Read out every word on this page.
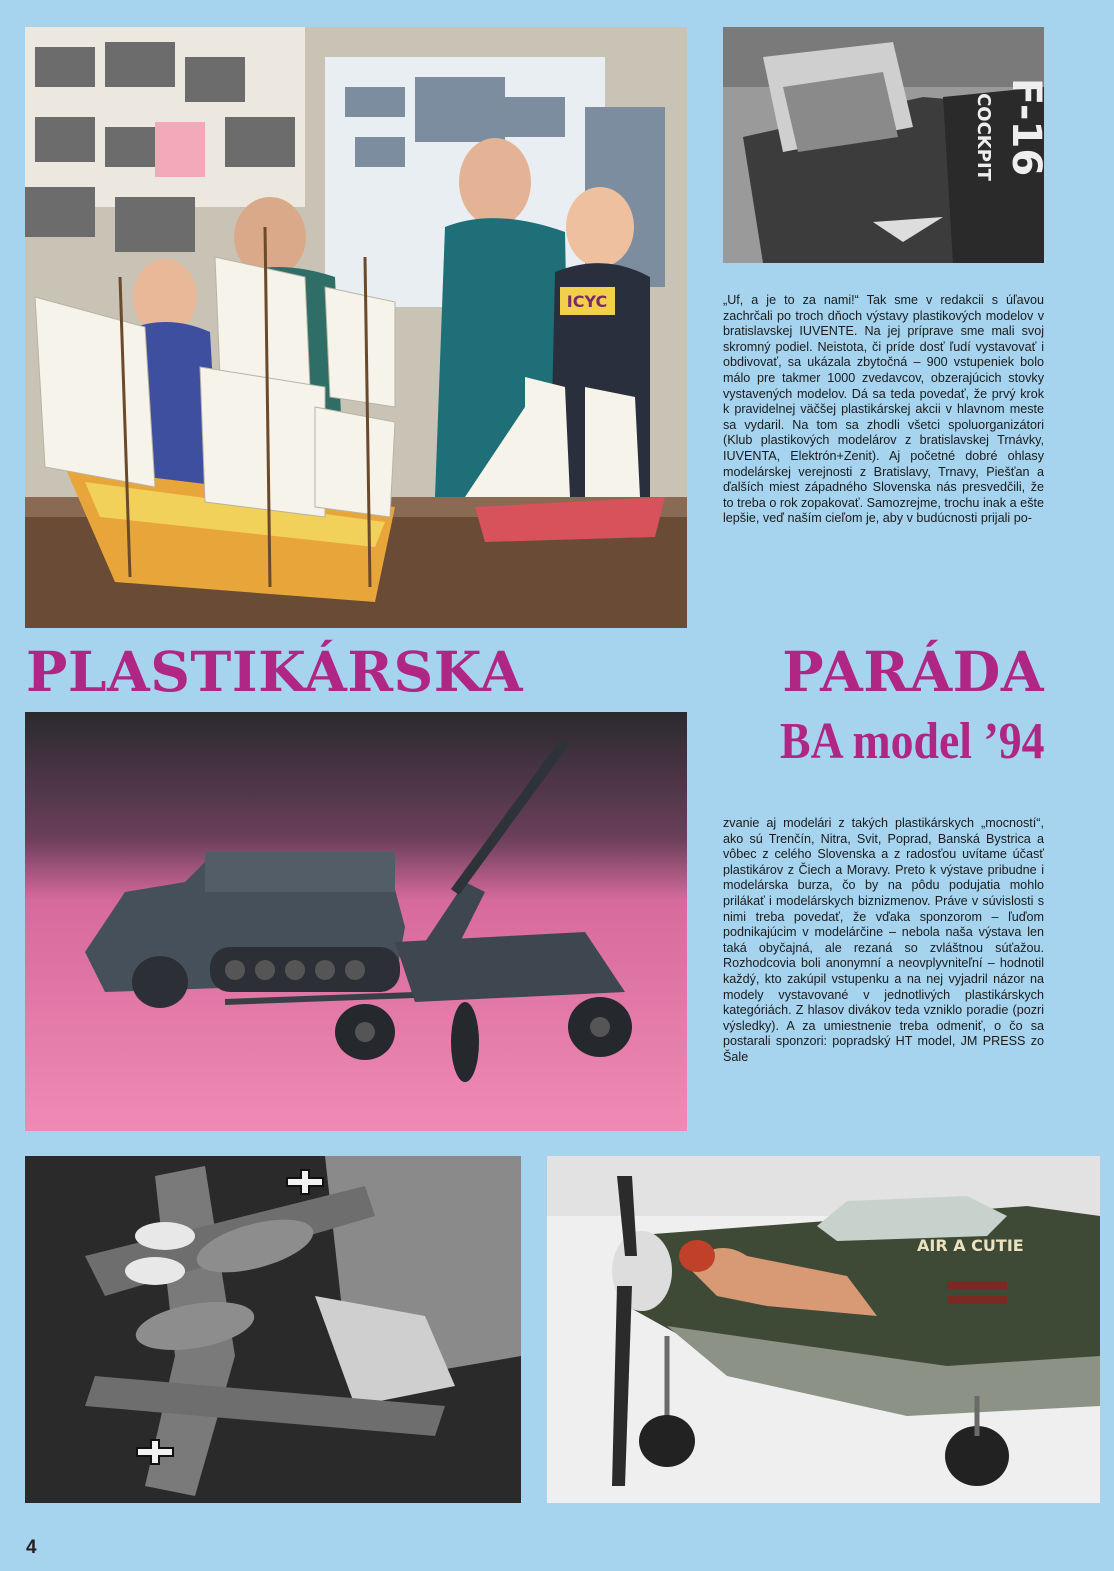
ICYC
F-16
COCKPIT
„Uf, a je to za nami!“ Tak sme v redakcii s úľavou zachrčali po troch dňoch výstavy plastikových modelov v bratislavskej IUVENTE. Na jej príprave sme mali svoj skromný podiel. Neistota, či príde dosť ľudí vystavovať i obdivovať, sa ukázala zbytočná – 900 vstupeniek bolo málo pre takmer 1000 zvedavcov, obzerajúcich stovky vystavených modelov. Dá sa teda povedať, že prvý krok k pravidelnej väčšej plastikárskej akcii v hlavnom meste sa vydaril. Na tom sa zhodli všetci spoluorganizátori (Klub plastikových modelárov z bratislavskej Trnávky, IUVENTA, Elektrón+Zenit). Aj početné dobré ohlasy modelárskej verejnosti z Bratislavy, Trnavy, Piešťan a ďalších miest západného Slovenska nás presvedčili, že to treba o rok zopakovať. Samozrejme, trochu inak a ešte lepšie, veď naším cieľom je, aby v budúcnosti prijali po-
PLASTIKÁRSKA	PARÁDA
BA model ’94
zvanie aj modelári z takých plastikárskych „mocností“, ako sú Trenčín, Nitra, Svit, Poprad, Banská Bystrica a vôbec z celého Slovenska a z radosťou uvítame účasť plastikárov z Čiech a Moravy. Preto k výstave pribudne i modelárska burza, čo by na pôdu podujatia mohlo prilákať i modelárskych biznizmenov. Práve v súvislosti s nimi treba povedať, že vďaka sponzorom – ľuďom podnikajúcim v modelárčine – nebola naša výstava len taká obyčajná, ale rezaná so zvláštnou súťažou. Rozhodcovia boli anonymní a neovplyvniteľní – hodnotil každý, kto zakúpil vstupenku a na nej vyjadril názor na modely vystavované v jednotlivých plastikárskych kategóriách. Z hlasov divákov teda vzniklo poradie (pozri výsledky). A za umiestnenie treba odmeniť, o čo sa postarali sponzori: popradský HT model, JM PRESS zo Šale
AIR A CUTIE
4
